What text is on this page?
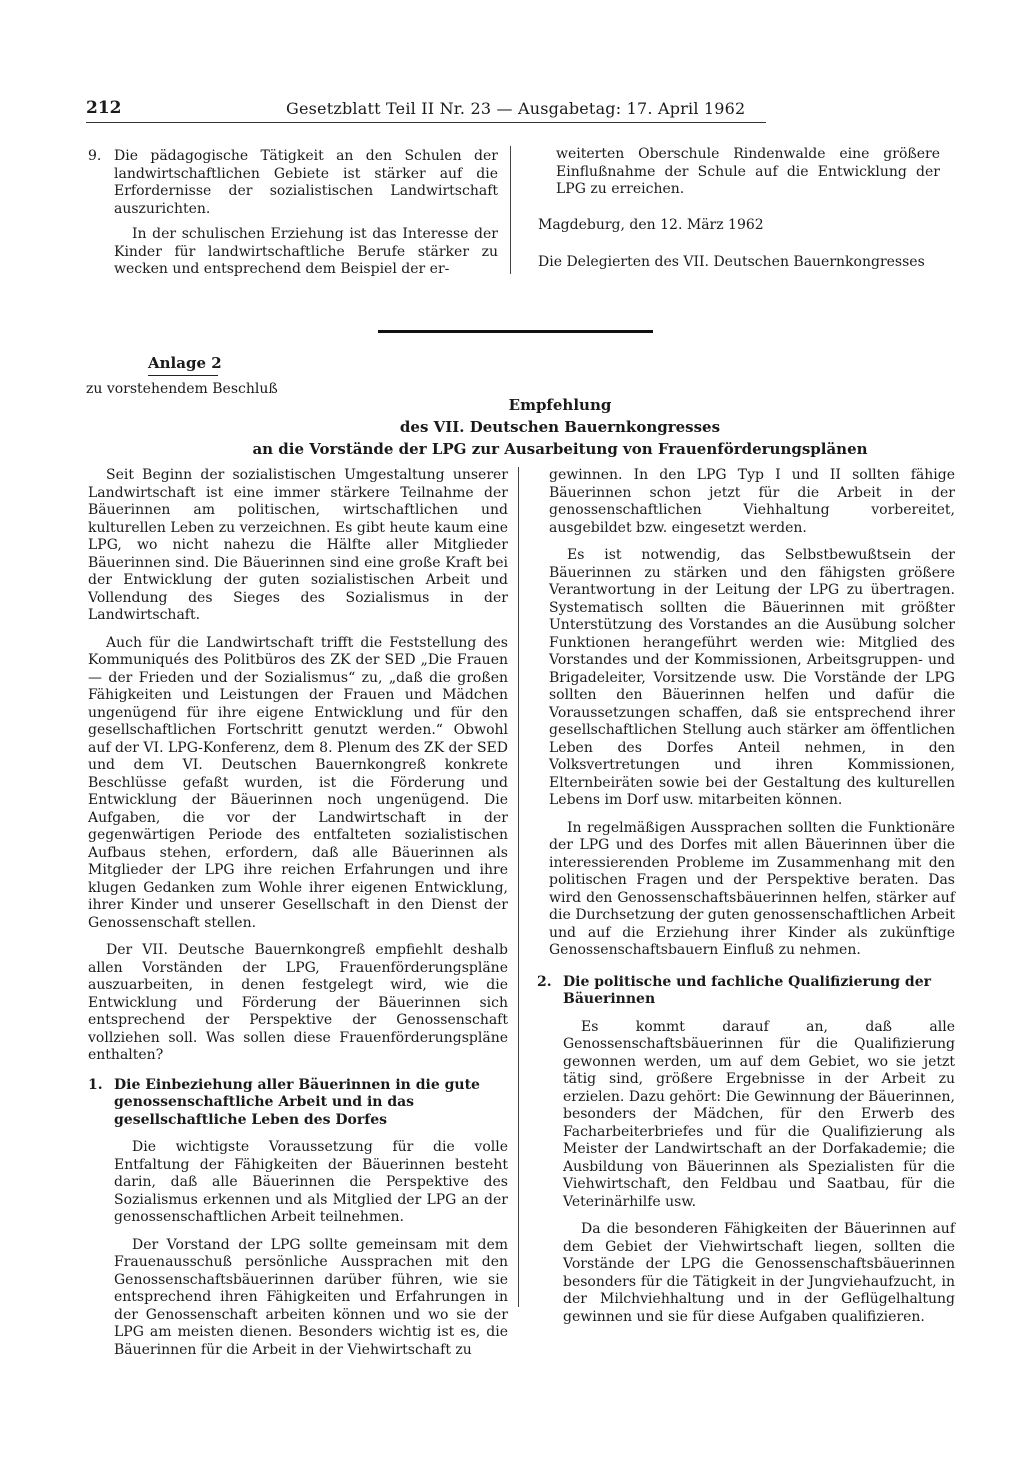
212	Gesetzblatt Teil II Nr. 23 — Ausgabetag: 17. April 1962
9. Die pädagogische Tätigkeit an den Schulen der landwirtschaftlichen Gebiete ist stärker auf die Erfordernisse der sozialistischen Landwirtschaft auszurichten.

In der schulischen Erziehung ist das Interesse der Kinder für landwirtschaftliche Berufe stärker zu wecken und entsprechend dem Beispiel der er-

weiterten Oberschule Rindenwalde eine größere Einflußnahme der Schule auf die Entwicklung der LPG zu erreichen.

Magdeburg, den 12. März 1962

Die Delegierten des VII. Deutschen Bauernkongresses

Anlage 2
zu vorstehendem Beschluß
Empfehlung
des VII. Deutschen Bauernkongresses
an die Vorstände der LPG zur Ausarbeitung von Frauenförderungsplänen

Seit Beginn der sozialistischen Umgestaltung unserer Landwirtschaft ist eine immer stärkere Teilnahme der Bäuerinnen am politischen, wirtschaftlichen und kulturellen Leben zu verzeichnen. Es gibt heute kaum eine LPG, wo nicht nahezu die Hälfte aller Mitglieder Bäuerinnen sind. Die Bäuerinnen sind eine große Kraft bei der Entwicklung der guten sozialistischen Arbeit und Vollendung des Sieges des Sozialismus in der Landwirtschaft.

Auch für die Landwirtschaft trifft die Feststellung des Kommuniqués des Politbüros des ZK der SED „Die Frauen — der Frieden und der Sozialismus“ zu, „daß die großen Fähigkeiten und Leistungen der Frauen und Mädchen ungenügend für ihre eigene Entwicklung und für den gesellschaftlichen Fortschritt genutzt werden.“ Obwohl auf der VI. LPG-Konferenz, dem 8. Plenum des ZK der SED und dem VI. Deutschen Bauernkongreß konkrete Beschlüsse gefaßt wurden, ist die Förderung und Entwicklung der Bäuerinnen noch ungenügend. Die Aufgaben, die vor der Landwirtschaft in der gegenwärtigen Periode des entfalteten sozialistischen Aufbaus stehen, erfordern, daß alle Bäuerinnen als Mitglieder der LPG ihre reichen Erfahrungen und ihre klugen Gedanken zum Wohle ihrer eigenen Entwicklung, ihrer Kinder und unserer Gesellschaft in den Dienst der Genossenschaft stellen.

Der VII. Deutsche Bauernkongreß empfiehlt deshalb allen Vorständen der LPG, Frauenförderungspläne auszuarbeiten, in denen festgelegt wird, wie die Entwicklung und Förderung der Bäuerinnen sich entsprechend der Perspektive der Genossenschaft vollziehen soll. Was sollen diese Frauenförderungspläne enthalten?

1. Die Einbeziehung aller Bäuerinnen in die gute genossenschaftliche Arbeit und in das gesellschaftliche Leben des Dorfes

Die wichtigste Voraussetzung für die volle Entfaltung der Fähigkeiten der Bäuerinnen besteht darin, daß alle Bäuerinnen die Perspektive des Sozialismus erkennen und als Mitglied der LPG an der genossenschaftlichen Arbeit teilnehmen.

Der Vorstand der LPG sollte gemeinsam mit dem Frauenausschuß persönliche Aussprachen mit den Genossenschaftsbäuerinnen darüber führen, wie sie entsprechend ihren Fähigkeiten und Erfahrungen in der Genossenschaft arbeiten können und wo sie der LPG am meisten dienen. Besonders wichtig ist es, die Bäuerinnen für die Arbeit in der Viehwirtschaft zu

gewinnen. In den LPG Typ I und II sollten fähige Bäuerinnen schon jetzt für die Arbeit in der genossenschaftlichen Viehhaltung vorbereitet, ausgebildet bzw. eingesetzt werden.

Es ist notwendig, das Selbstbewußtsein der Bäuerinnen zu stärken und den fähigsten größere Verantwortung in der Leitung der LPG zu übertragen. Systematisch sollten die Bäuerinnen mit größter Unterstützung des Vorstandes an die Ausübung solcher Funktionen herangeführt werden wie: Mitglied des Vorstandes und der Kommissionen, Arbeitsgruppen- und Brigadeleiter, Vorsitzende usw. Die Vorstände der LPG sollten den Bäuerinnen helfen und dafür die Voraussetzungen schaffen, daß sie entsprechend ihrer gesellschaftlichen Stellung auch stärker am öffentlichen Leben des Dorfes Anteil nehmen, in den Volksvertretungen und ihren Kommissionen, Elternbeiräten sowie bei der Gestaltung des kulturellen Lebens im Dorf usw. mitarbeiten können.

In regelmäßigen Aussprachen sollten die Funktionäre der LPG und des Dorfes mit allen Bäuerinnen über die interessierenden Probleme im Zusammenhang mit den politischen Fragen und der Perspektive beraten. Das wird den Genossenschaftsbäuerinnen helfen, stärker auf die Durchsetzung der guten genossenschaftlichen Arbeit und auf die Erziehung ihrer Kinder als zukünftige Genossenschaftsbauern Einfluß zu nehmen.

2. Die politische und fachliche Qualifizierung der Bäuerinnen

Es kommt darauf an, daß alle Genossenschaftsbäuerinnen für die Qualifizierung gewonnen werden, um auf dem Gebiet, wo sie jetzt tätig sind, größere Ergebnisse in der Arbeit zu erzielen. Dazu gehört: Die Gewinnung der Bäuerinnen, besonders der Mädchen, für den Erwerb des Facharbeiterbriefes und für die Qualifizierung als Meister der Landwirtschaft an der Dorfakademie; die Ausbildung von Bäuerinnen als Spezialisten für die Viehwirtschaft, den Feldbau und Saatbau, für die Veterinärhilfe usw.

Da die besonderen Fähigkeiten der Bäuerinnen auf dem Gebiet der Viehwirtschaft liegen, sollten die Vorstände der LPG die Genossenschaftsbäuerinnen besonders für die Tätigkeit in der Jungviehaufzucht, in der Milchviehhaltung und in der Geflügelhaltung gewinnen und sie für diese Aufgaben qualifizieren.
